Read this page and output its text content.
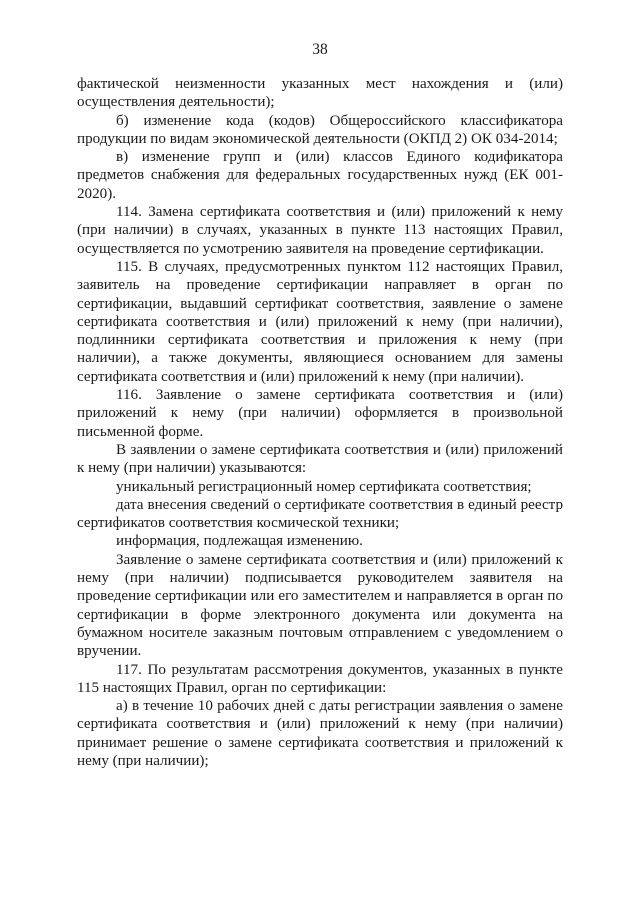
38

фактической неизменности указанных мест нахождения и (или) осуществления деятельности);

б) изменение кода (кодов) Общероссийского классификатора продукции по видам экономической деятельности (ОКПД 2) ОК 034-2014;

в) изменение групп и (или) классов Единого кодификатора предметов снабжения для федеральных государственных нужд (ЕК 001-2020).

114. Замена сертификата соответствия и (или) приложений к нему (при наличии) в случаях, указанных в пункте 113 настоящих Правил, осуществляется по усмотрению заявителя на проведение сертификации.

115. В случаях, предусмотренных пунктом 112 настоящих Правил, заявитель на проведение сертификации направляет в орган по сертификации, выдавший сертификат соответствия, заявление о замене сертификата соответствия и (или) приложений к нему (при наличии), подлинники сертификата соответствия и приложения к нему (при наличии), а также документы, являющиеся основанием для замены сертификата соответствия и (или) приложений к нему (при наличии).

116. Заявление о замене сертификата соответствия и (или) приложений к нему (при наличии) оформляется в произвольной письменной форме.

В заявлении о замене сертификата соответствия и (или) приложений к нему (при наличии) указываются:

уникальный регистрационный номер сертификата соответствия;

дата внесения сведений о сертификате соответствия в единый реестр сертификатов соответствия космической техники;

информация, подлежащая изменению.

Заявление о замене сертификата соответствия и (или) приложений к нему (при наличии) подписывается руководителем заявителя на проведение сертификации или его заместителем и направляется в орган по сертификации в форме электронного документа или документа на бумажном носителе заказным почтовым отправлением с уведомлением о вручении.

117. По результатам рассмотрения документов, указанных в пункте 115 настоящих Правил, орган по сертификации:

а) в течение 10 рабочих дней с даты регистрации заявления о замене сертификата соответствия и (или) приложений к нему (при наличии) принимает решение о замене сертификата соответствия и приложений к нему (при наличии);
